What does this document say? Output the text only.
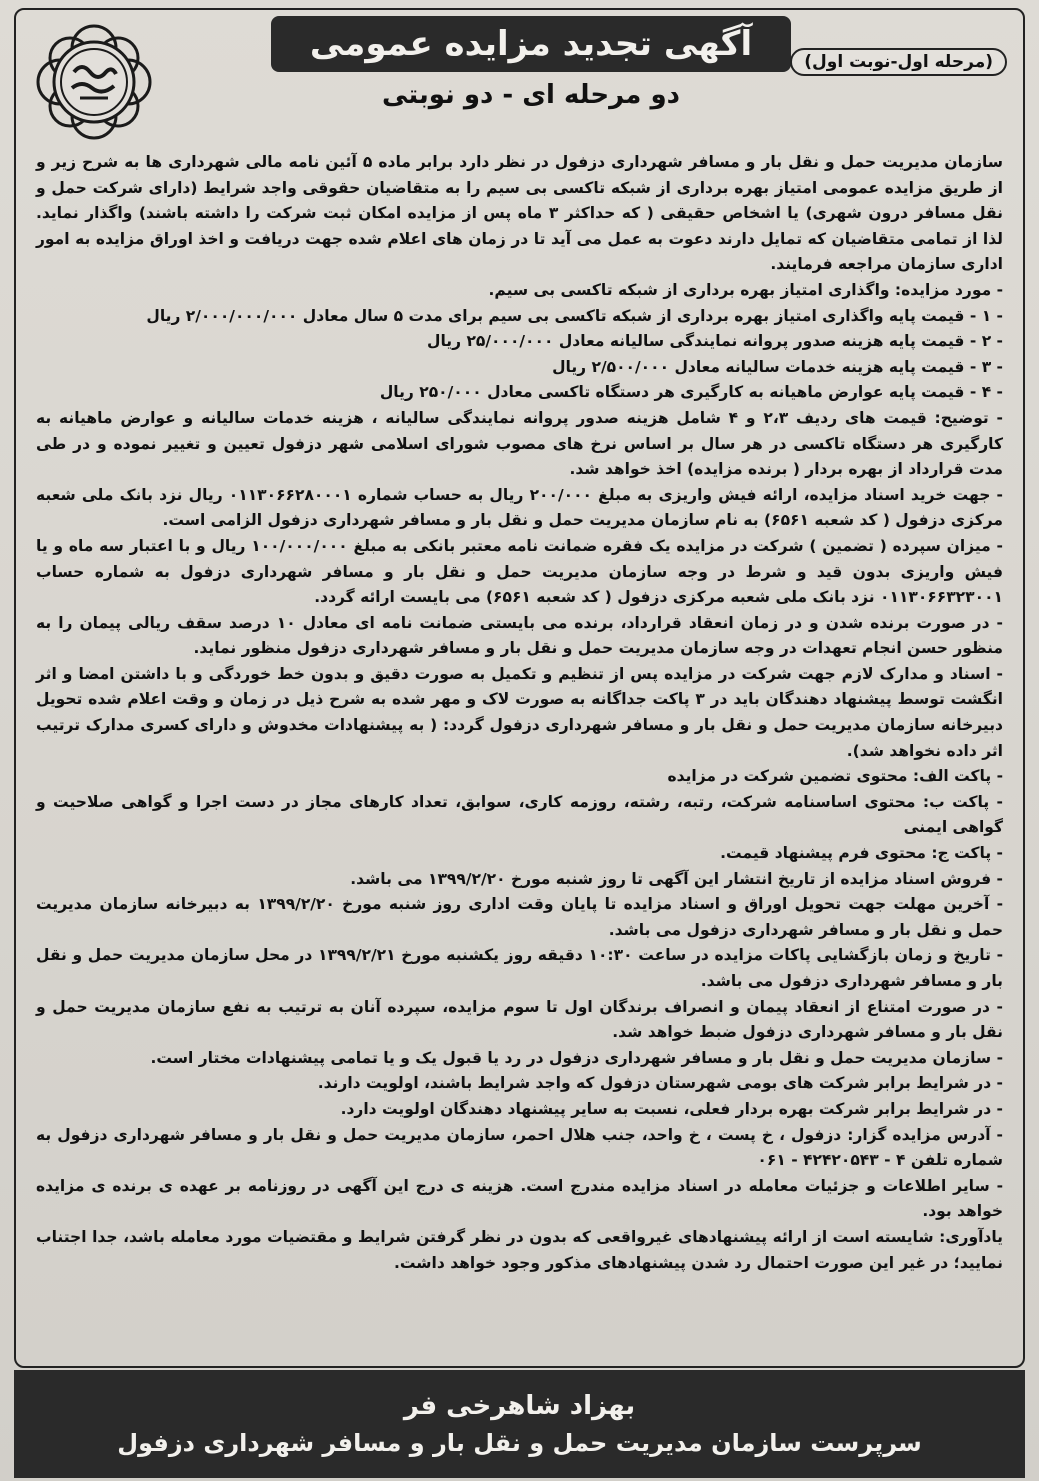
آگهی تجدید مزایده عمومی
دو مرحله ای - دو نوبتی
(مرحله اول-نوبت اول)

سازمان مدیریت حمل و نقل بار و مسافر شهرداری دزفول در نظر دارد برابر ماده ۵ آئین نامه مالی شهرداری ها به شرح زیر و از طریق مزایده عمومی امتیاز بهره برداری از شبکه تاکسی بی سیم را به متقاضیان حقوقی واجد شرایط (دارای شرکت حمل و نقل مسافر درون شهری) یا اشخاص حقیقی ( که حداکثر ۳ ماه پس از مزایده امکان ثبت شرکت را داشته باشند) واگذار نماید. لذا از تمامی متقاضیان که تمایل دارند دعوت به عمل می آید تا در زمان های اعلام شده جهت دریافت و اخذ اوراق مزایده به امور اداری سازمان مراجعه فرمایند.

- مورد مزایده: واگذاری امتیاز بهره برداری از شبکه تاکسی بی سیم.

- ۱ - قیمت پایه واگذاری امتیاز بهره برداری از شبکه تاکسی بی سیم برای مدت ۵ سال معادل ۲/۰۰۰/۰۰۰/۰۰۰ ریال

- ۲ - قیمت پایه هزینه صدور پروانه نمایندگی سالیانه معادل ۲۵/۰۰۰/۰۰۰ ریال

- ۳ - قیمت پایه هزینه خدمات سالیانه معادل ۲/۵۰۰/۰۰۰ ریال

- ۴ - قیمت پایه عوارض ماهیانه به کارگیری هر دستگاه تاکسی معادل ۲۵۰/۰۰۰ ریال

- توضیح: قیمت های ردیف ۲،۳ و ۴ شامل هزینه صدور پروانه نمایندگی سالیانه ، هزینه خدمات سالیانه و عوارض ماهیانه به کارگیری هر دستگاه تاکسی در هر سال بر اساس نرخ های مصوب شورای اسلامی شهر دزفول تعیین و تغییر نموده و در طی مدت قرارداد از بهره بردار ( برنده مزایده) اخذ خواهد شد.

- جهت خرید اسناد مزایده، ارائه فیش واریزی به مبلغ ۲۰۰/۰۰۰ ریال به حساب شماره ۰۱۱۳۰۶۶۲۸۰۰۰۱ ریال نزد بانک ملی شعبه مرکزی دزفول ( کد شعبه ۶۵۶۱) به نام سازمان مدیریت حمل و نقل بار و مسافر شهرداری دزفول الزامی است.

- میزان سپرده ( تضمین ) شرکت در مزایده یک فقره ضمانت نامه معتبر بانکی به مبلغ ۱۰۰/۰۰۰/۰۰۰ ریال و با اعتبار سه ماه و یا فیش واریزی بدون قید و شرط در وجه سازمان مدیریت حمل و نقل بار و مسافر شهرداری دزفول به شماره حساب ۰۱۱۳۰۶۶۳۲۳۰۰۱ نزد بانک ملی شعبه مرکزی دزفول ( کد شعبه ۶۵۶۱) می بایست ارائه گردد.

- در صورت برنده شدن و در زمان انعقاد قرارداد، برنده می بایستی ضمانت نامه ای معادل ۱۰ درصد سقف ریالی پیمان را به منظور حسن انجام تعهدات در وجه سازمان مدیریت حمل و نقل بار و مسافر شهرداری دزفول منظور نماید.

- اسناد و مدارک لازم جهت شرکت در مزایده پس از تنظیم و تکمیل به صورت دقیق و بدون خط خوردگی و با داشتن امضا و اثر انگشت توسط پیشنهاد دهندگان باید در ۳ پاکت جداگانه به صورت لاک و مهر شده به شرح ذیل در زمان و وقت اعلام شده تحویل دبیرخانه سازمان مدیریت حمل و نقل بار و مسافر شهرداری دزفول گردد: ( به پیشنهادات مخدوش و دارای کسری مدارک ترتیب اثر داده نخواهد شد).

- پاکت الف: محتوی تضمین شرکت در مزایده

- پاکت ب: محتوی اساسنامه شرکت، رتبه، رشته، روزمه کاری، سوابق، تعداد کارهای مجاز در دست اجرا و گواهی صلاحیت و گواهی ایمنی

- پاکت ج: محتوی فرم پیشنهاد قیمت.

- فروش اسناد مزایده از تاریخ انتشار این آگهی تا روز شنبه مورخ ۱۳۹۹/۲/۲۰ می باشد.

- آخرین مهلت جهت تحویل اوراق و اسناد مزایده تا پایان وقت اداری روز شنبه مورخ ۱۳۹۹/۲/۲۰ به دبیرخانه سازمان مدیریت حمل و نقل بار و مسافر شهرداری دزفول می باشد.

- تاریخ و زمان بازگشایی پاکات مزایده در ساعت ۱۰:۳۰ دقیقه روز یکشنبه مورخ ۱۳۹۹/۲/۲۱ در محل سازمان مدیریت حمل و نقل بار و مسافر شهرداری دزفول می باشد.

- در صورت امتناع از انعقاد پیمان و انصراف برندگان اول تا سوم مزایده، سپرده آنان به ترتیب به نفع سازمان مدیریت حمل و نقل بار و مسافر شهرداری دزفول ضبط خواهد شد.

- سازمان مدیریت حمل و نقل بار و مسافر شهرداری دزفول در رد یا قبول یک و یا تمامی پیشنهادات مختار است.

- در شرایط برابر شرکت های بومی شهرستان دزفول که واجد شرایط باشند، اولویت دارند.

- در شرایط برابر شرکت بهره بردار فعلی، نسبت به سایر پیشنهاد دهندگان اولویت دارد.

- آدرس مزایده گزار: دزفول ، خ پست ، خ واحد، جنب هلال احمر، سازمان مدیریت حمل و نقل بار و مسافر شهرداری دزفول به شماره تلفن ۴ - ۴۲۴۲۰۵۴۳ - ۰۶۱

- سایر اطلاعات و جزئیات معامله در اسناد مزایده مندرج است. هزینه ی درج این آگهی در روزنامه بر عهده ی برنده ی مزایده خواهد بود.

یادآوری: شایسته است از ارائه پیشنهادهای غیرواقعی که بدون در نظر گرفتن شرایط و مقتضیات مورد معامله باشد، جدا اجتناب نمایید؛ در غیر این صورت احتمال رد شدن پیشنهادهای مذکور وجود خواهد داشت.

بهزاد شاهرخی فر
سرپرست سازمان مدیریت حمل و نقل بار و مسافر شهرداری دزفول
